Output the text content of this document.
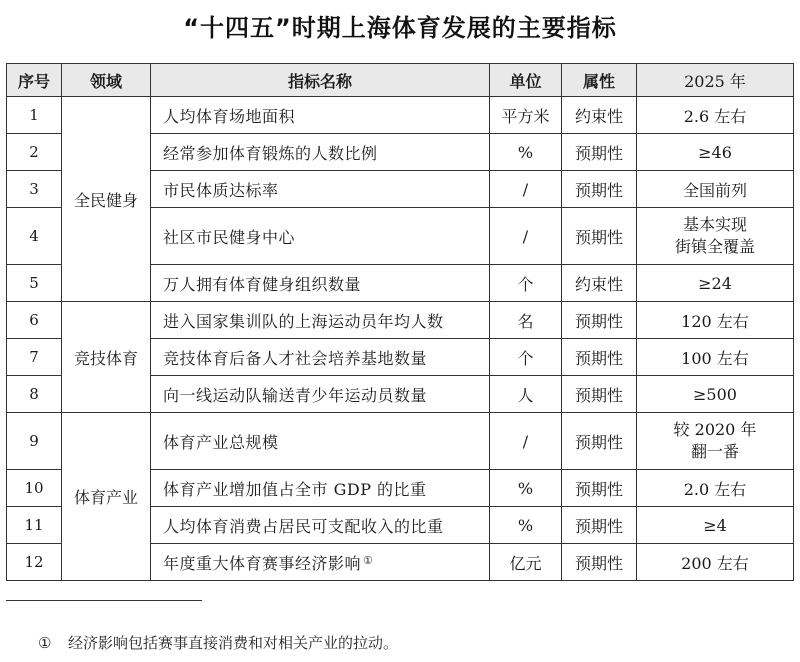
“十四五”时期上海体育发展的主要指标
序号	领域	指标名称	单位	属性	2025 年
1	全民健身	人均体育场地面积	平方米	约束性	2.6 左右
2		经常参加体育锻炼的人数比例	%	预期性	≥46
3		市民体质达标率	/	预期性	全国前列
4		社区市民健身中心	/	预期性	基本实现
街镇全覆盖

5		万人拥有体育健身组织数量	个	约束性	≥24
6	竞技体育	进入国家集训队的上海运动员年均人数	名	预期性	120 左右
7		竞技体育后备人才社会培养基地数量	个	预期性	100 左右
8		向一线运动队输送青少年运动员数量	人	预期性	≥500
9	体育产业	体育产业总规模	/	预期性	较 2020 年
翻一番

10		体育产业增加值占全市 GDP 的比重	%	预期性	2.0 左右
11		人均体育消费占居民可支配收入的比重	%	预期性	≥4
12		年度重大体育赛事经济影响 ①	亿元	预期性	200 左右
① 经济影响包括赛事直接消费和对相关产业的拉动。
